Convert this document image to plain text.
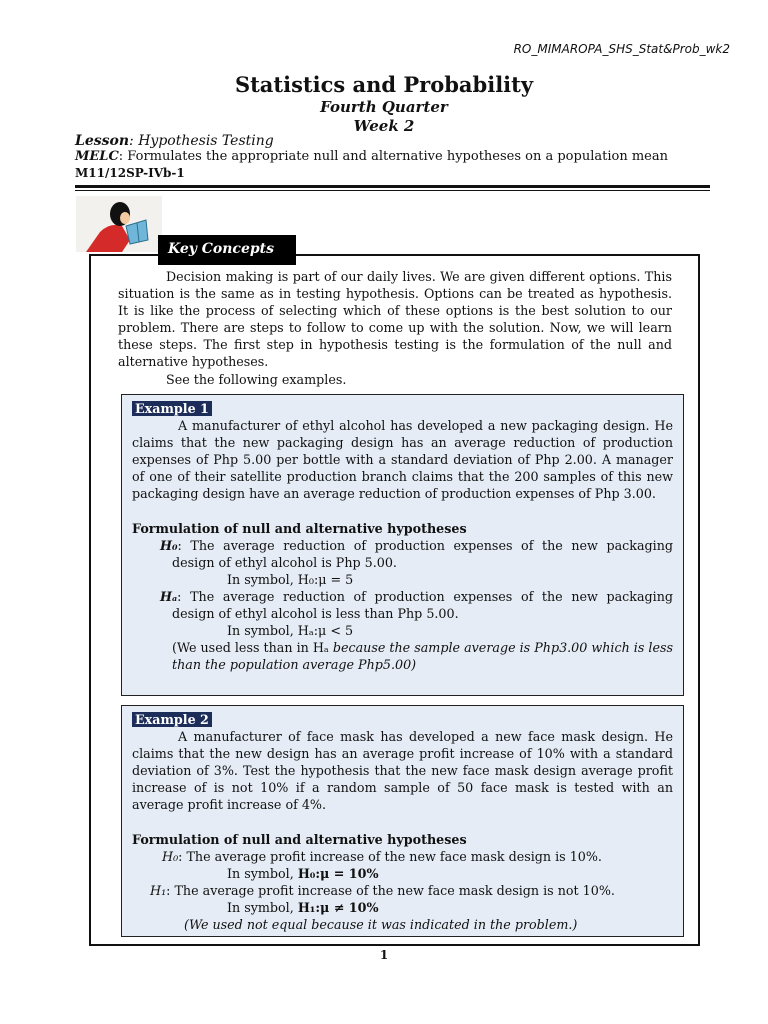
RO_MIMAROPA_SHS_Stat&Prob_wk2
Statistics and Probability
Fourth Quarter
Week 2
Lesson: Hypothesis Testing
MELC: Formulates the appropriate null and alternative hypotheses on a population mean
M11/12SP-IVb-1
Key Concepts

Decision making is part of our daily lives. We are given different options. This situation is the same as in testing hypothesis. Options can be treated as hypothesis. It is like the process of selecting which of these options is the best solution to our problem. There are steps to follow to come up with the solution. Now, we will learn these steps. The first step in hypothesis testing is the formulation of the null and alternative hypotheses.

See the following examples.

Example 1

A manufacturer of ethyl alcohol has developed a new packaging design. He claims that the new packaging design has an average reduction of production expenses of Php 5.00 per bottle with a standard deviation of Php 2.00. A manager of one of their satellite production branch claims that the 200 samples of this new packaging design have an average reduction of production expenses of Php 3.00.

Formulation of null and alternative hypotheses

H₀: The average reduction of production expenses of the new packaging design of ethyl alcohol is Php 5.00.

In symbol, H₀:μ = 5

Hₐ: The average reduction of production expenses of the new packaging design of ethyl alcohol is less than Php 5.00.

In symbol, Hₐ:μ < 5

(We used less than in Hₐ because the sample average is Php3.00 which is less than the population average Php5.00)

Example 2

A manufacturer of face mask has developed a new face mask design. He claims that the new design has an average profit increase of 10% with a standard deviation of 3%. Test the hypothesis that the new face mask design average profit increase of is not 10% if a random sample of 50 face mask is tested with an average profit increase of 4%.

Formulation of null and alternative hypotheses

H₀: The average profit increase of the new face mask design is 10%.

In symbol, H₀:μ = 10%

H₁: The average profit increase of the new face mask design is not 10%.

In symbol, H₁:μ ≠ 10%

(We used not equal because it was indicated in the problem.)

1
